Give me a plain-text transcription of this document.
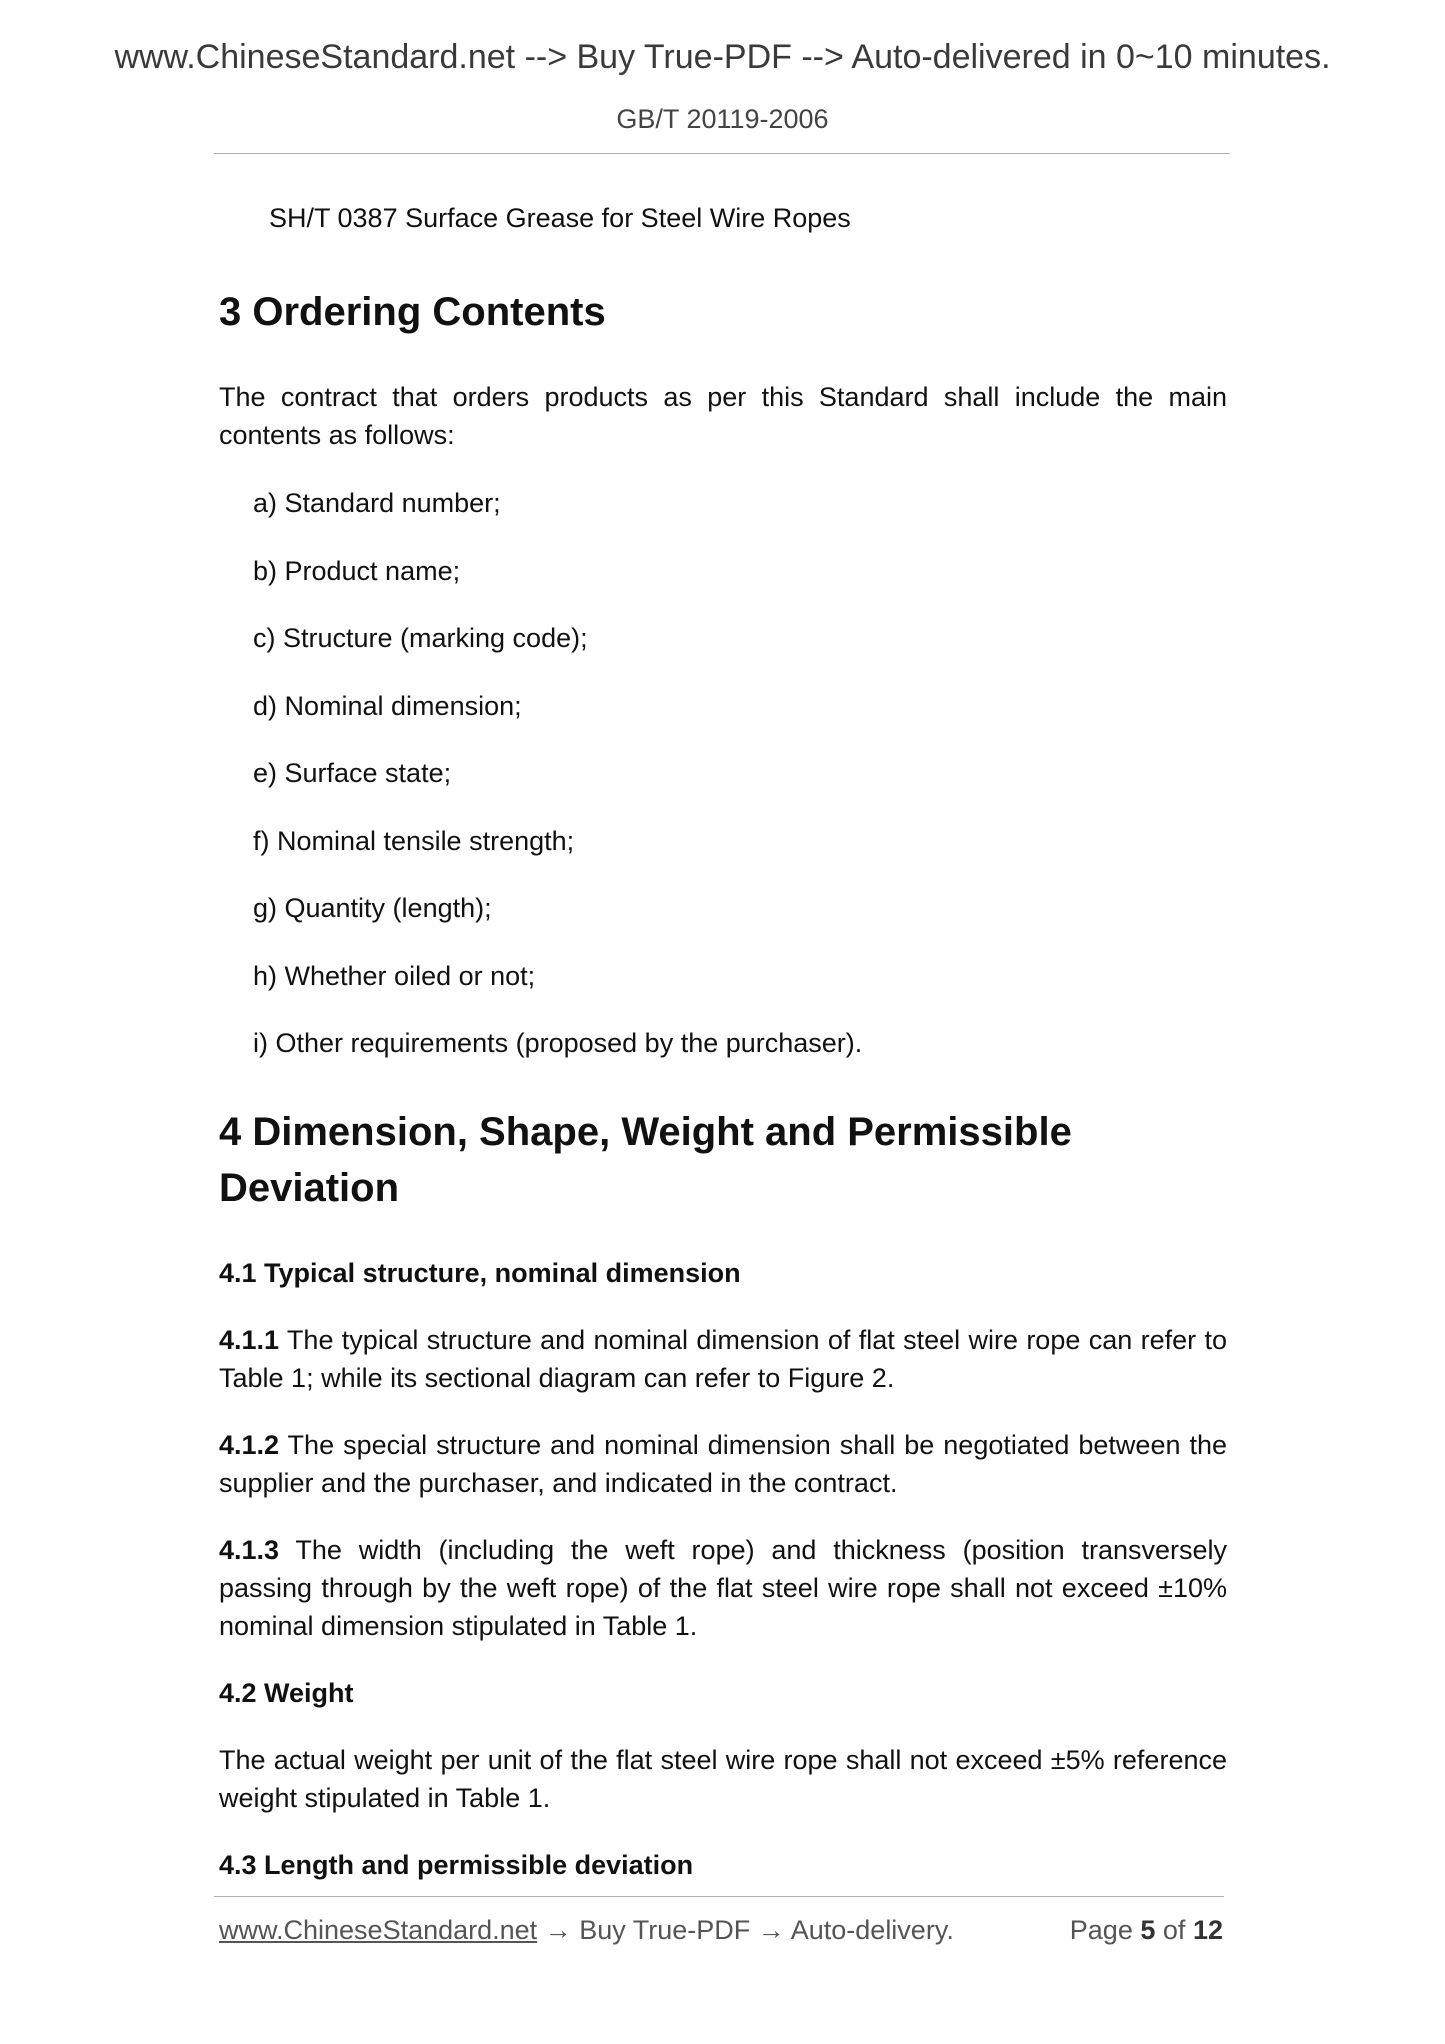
www.ChineseStandard.net --> Buy True-PDF --> Auto-delivered in 0~10 minutes.
GB/T 20119-2006
SH/T 0387 Surface Grease for Steel Wire Ropes
3 Ordering Contents

The contract that orders products as per this Standard shall include the main contents as follows:

a) Standard number;
b) Product name;
c) Structure (marking code);
d) Nominal dimension;
e) Surface state;
f) Nominal tensile strength;
g) Quantity (length);
h) Whether oiled or not;
i) Other requirements (proposed by the purchaser).
4 Dimension, Shape, Weight and Permissible Deviation
4.1 Typical structure, nominal dimension

4.1.1 The typical structure and nominal dimension of flat steel wire rope can refer to Table 1; while its sectional diagram can refer to Figure 2.

4.1.2 The special structure and nominal dimension shall be negotiated between the supplier and the purchaser, and indicated in the contract.

4.1.3 The width (including the weft rope) and thickness (position transversely passing through by the weft rope) of the flat steel wire rope shall not exceed ±10% nominal dimension stipulated in Table 1.

4.2 Weight

The actual weight per unit of the flat steel wire rope shall not exceed ±5% reference weight stipulated in Table 1.

4.3 Length and permissible deviation
www.ChineseStandard.net → Buy True-PDF → Auto-delivery.	Page 5 of 12
